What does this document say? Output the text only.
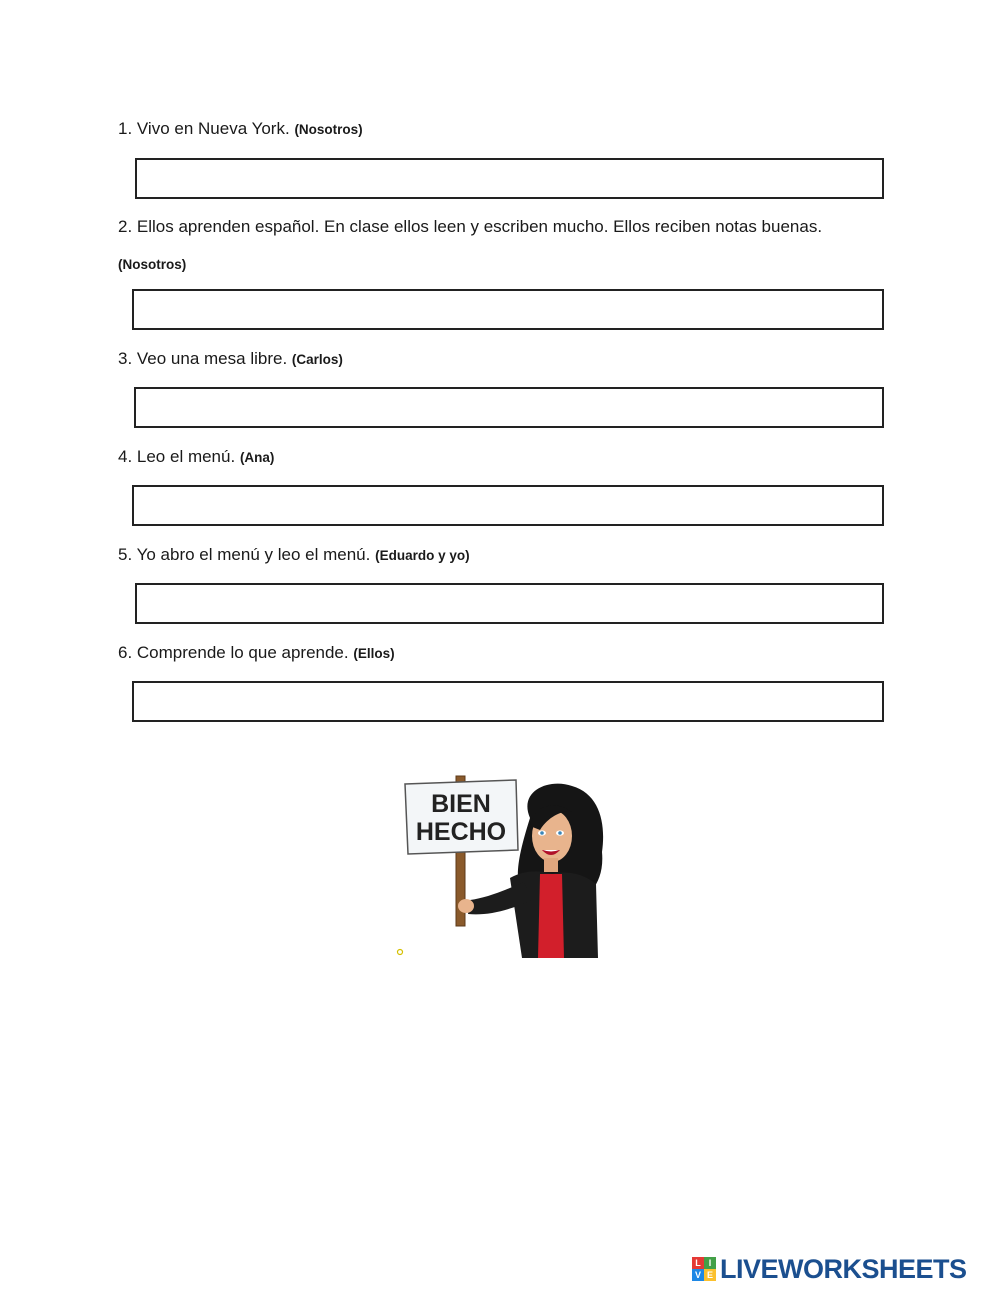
1. Vivo en Nueva York. (Nosotros)
2. Ellos aprenden español. En clase ellos leen y escriben mucho. Ellos reciben notas buenas.
(Nosotros)
3. Veo una mesa libre. (Carlos)
4. Leo el menú. (Ana)
5. Yo abro el menú y leo el menú. (Eduardo y yo)
6. Comprende lo que aprende. (Ellos)
BIEN
HECHO
L I
V E LIVEWORKSHEETS
